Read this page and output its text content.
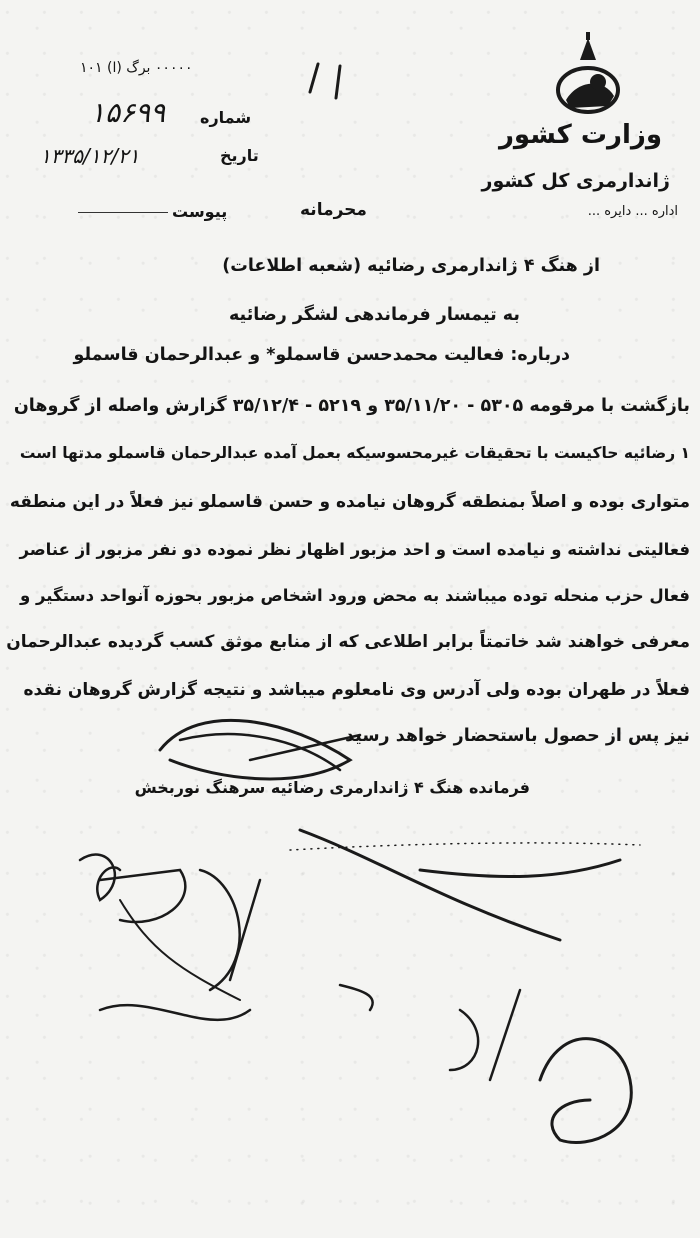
وزارت کشور
ژاندارمری کل کشور
اداره ... دایره ...
۱۰۱ (ا) ۰۰۰۰۰ برگ
شماره
۱۵۶۹۹
تاریخ
۱۳۳۵/۱۲/۲۱
پیوست	محرمانه
از هنگ ۴ ژاندارمری رضائیه (شعبه اطلاعات)
به تیمسار فرماندهی لشگر رضائیه
درباره: فعالیت محمدحسن قاسملو* و عبدالرحمان قاسملو
بازگشت با مرقومه ۵۳۰۵ - ۳۵/۱۱/۲۰ و ۵۲۱۹ - ۳۵/۱۲/۴ گزارش واصله از گروهان
۱ رضائیه حاکیست با تحقیقات غیرمحسوسیکه بعمل آمده عبدالرحمان قاسملو مدتها است
متواری بوده و اصلاً بمنطقه گروهان نیامده و حسن قاسملو نیز فعلاً در این منطقه
فعالیتی نداشته و نیامده است و احد مزبور اظهار نظر نموده دو نفر مزبور از عناصر
فعال حزب منحله توده میباشند به محض ورود اشخاص مزبور بحوزه آنواحد دستگیر و
معرفی خواهند شد خاتمتاً برابر اطلاعی که از منابع موثق کسب گردیده عبدالرحمان
فعلاً در طهران بوده ولی آدرس وی نامعلوم میباشد و نتیجه گزارش گروهان نقده
نیز پس از حصول باستحضار خواهد رسید
فرمانده هنگ ۴ ژاندارمری رضائیه سرهنگ نوربخش
